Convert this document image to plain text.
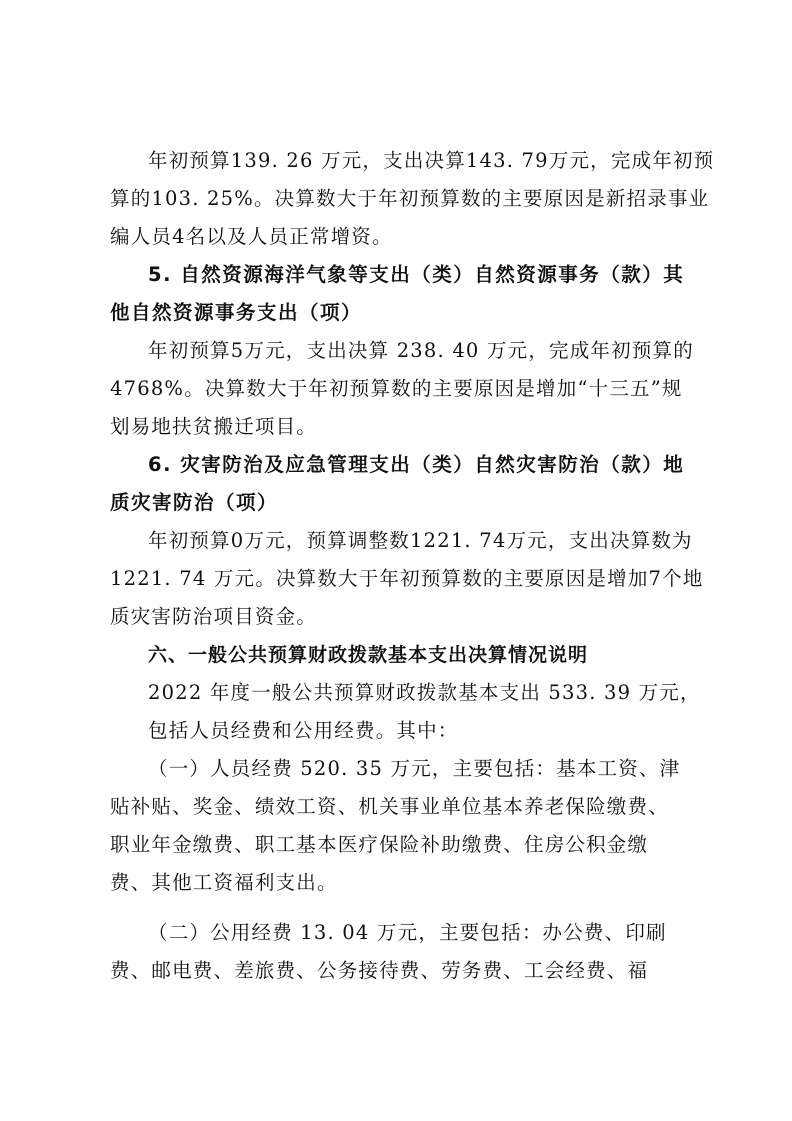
年初预算139. 26 万元，支出决算143. 79万元，完成年初预
算的103. 25%。决算数大于年初预算数的主要原因是新招录事业
编人员4名以及人员正常增资。
5. 自然资源海洋气象等支出（类）自然资源事务（款）其
他自然资源事务支出（项）
年初预算5万元，支出决算 238. 40 万元，完成年初预算的
4768%。决算数大于年初预算数的主要原因是增加“十三五”规
划易地扶贫搬迁项目。
6. 灾害防治及应急管理支出（类）自然灾害防治（款）地
质灾害防治（项）
年初预算0万元，预算调整数1221. 74万元，支出决算数为
1221. 74 万元。决算数大于年初预算数的主要原因是增加7个地
质灾害防治项目资金。
六、一般公共预算财政拨款基本支出决算情况说明
2022 年度一般公共预算财政拨款基本支出 533. 39 万元，
包括人员经费和公用经费。其中：
（一）人员经费 520. 35 万元，主要包括：基本工资、津
贴补贴、奖金、绩效工资、机关事业单位基本养老保险缴费、
职业年金缴费、职工基本医疗保险补助缴费、住房公积金缴
费、其他工资福利支出。
（二）公用经费 13. 04 万元，主要包括：办公费、印刷
费、邮电费、差旅费、公务接待费、劳务费、工会经费、福
